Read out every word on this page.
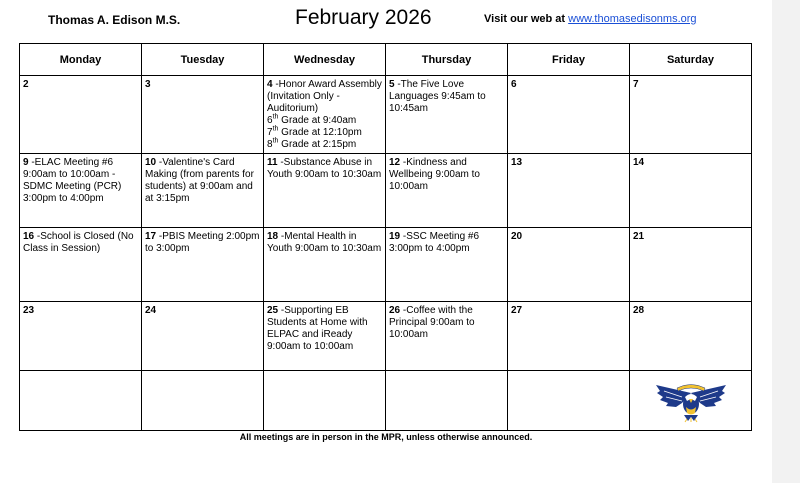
Thomas A. Edison M.S.	February 2026	Visit our web at www.thomasedisonms.org
Monday	Tuesday	Wednesday	Thursday	Friday	Saturday
2	3	4 -Honor Award Assembly (Invitation Only - Auditorium)
6th Grade at 9:40am
7th Grade at 12:10pm
8th Grade at 2:15pm	5 -The Five Love Languages 9:45am to 10:45am	6	7
9 -ELAC Meeting #6 9:00am to 10:00am -SDMC Meeting (PCR) 3:00pm to 4:00pm	10 -Valentine's Card Making (from parents for students) at 9:00am and at 3:15pm	11 -Substance Abuse in Youth 9:00am to 10:30am	12 -Kindness and Wellbeing 9:00am to 10:00am	13	14
16 -School is Closed (No Class in Session)	17 -PBIS Meeting 2:00pm to 3:00pm	18 -Mental Health in Youth 9:00am to 10:30am	19 -SSC Meeting #6 3:00pm to 4:00pm	20	21
23	24	25 -Supporting EB Students at Home with ELPAC and iReady 9:00am to 10:00am	26 -Coffee with the Principal 9:00am to 10:00am	27	28

All meetings are in person in the MPR, unless otherwise announced.
